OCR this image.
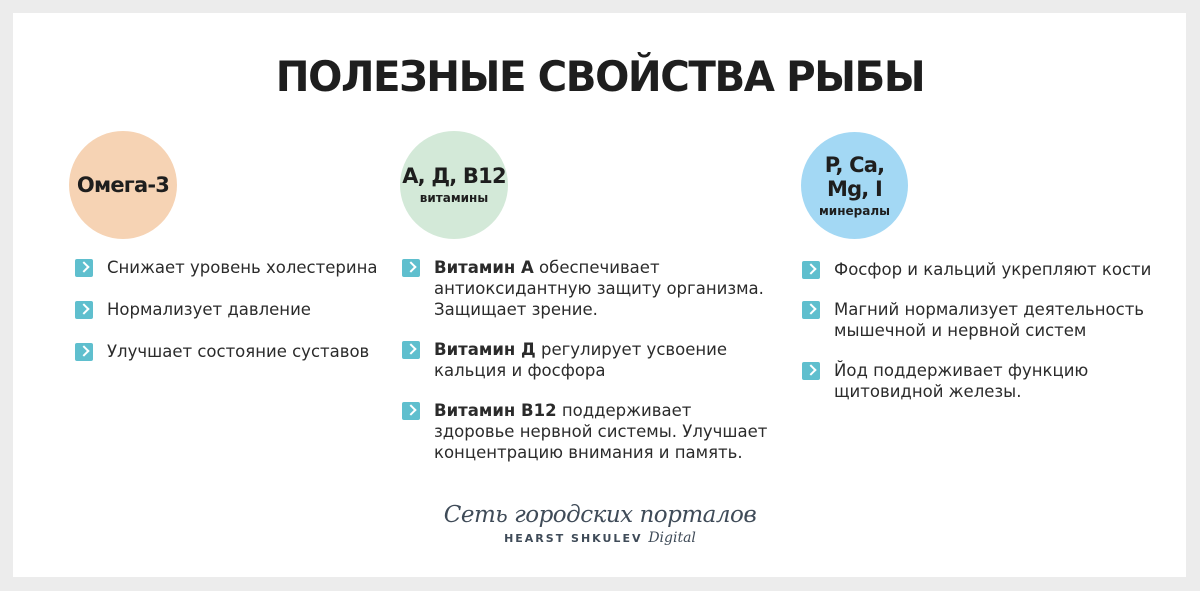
ПОЛЕЗНЫЕ СВОЙСТВА РЫБЫ
Омега-3
Снижает уровень холестерина
Нормализует давление
Улучшает состояние суставов
А, Д, В12
витамины
Витамин А обеспечивает антиоксидантную защиту организма. Защищает зрение.
Витамин Д регулирует усвоение кальция и фосфора
Витамин В12 поддерживает здоровье нервной системы. Улучшает концентрацию внимания и память.
P, Ca, Mg, I
минералы
Фосфор и кальций укрепляют кости
Магний нормализует деятельность мышечной и нервной систем
Йод поддерживает функцию щитовидной железы.
Сеть городских порталов
HEARST SHKULEV Digital
